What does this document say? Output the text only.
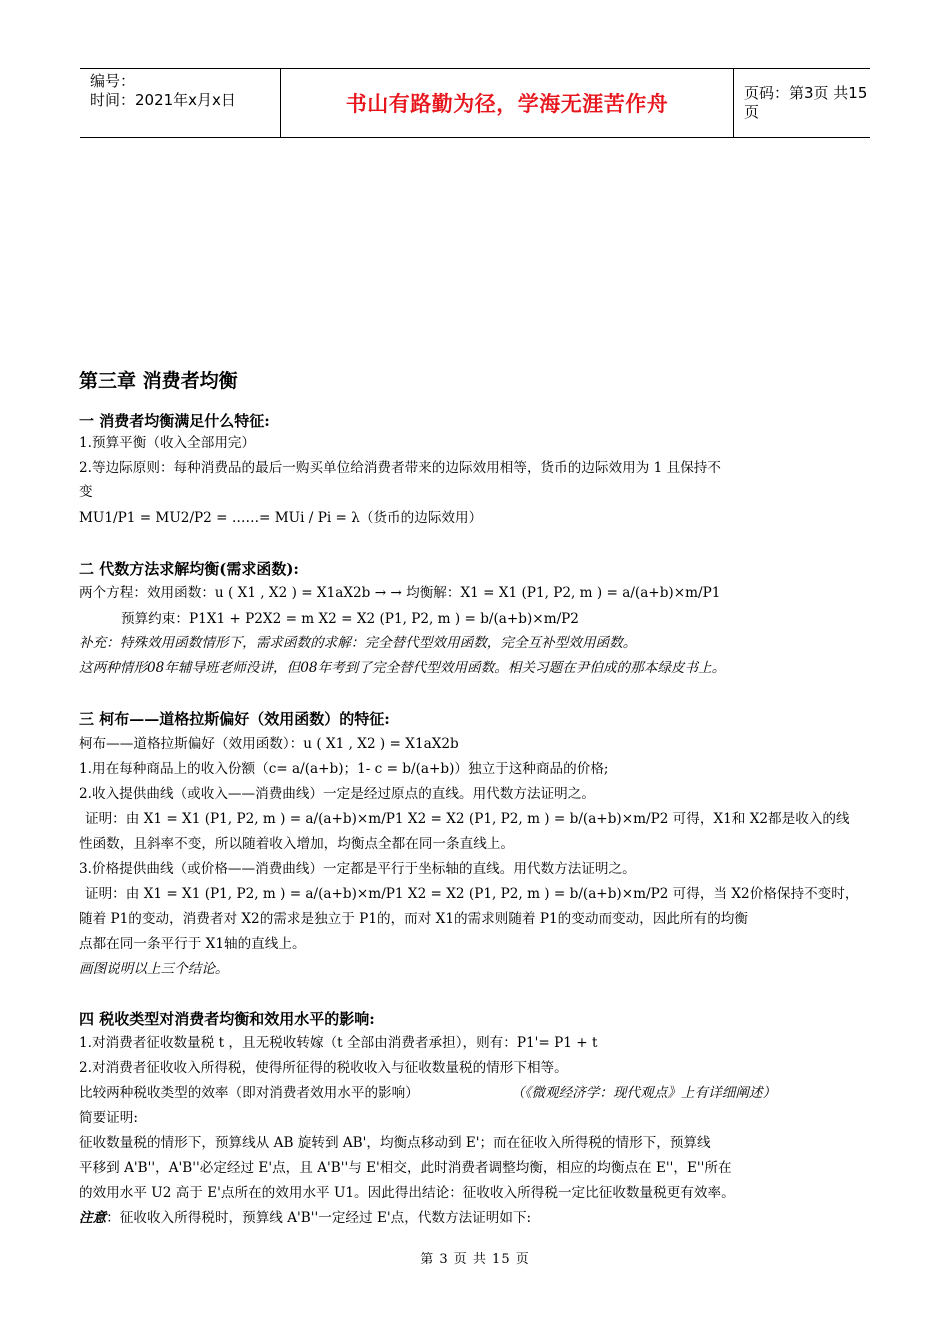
编号：
时间：2021年x月x日	书山有路勤为径，学海无涯苦作舟	页码：第3页 共15页
第三章 消费者均衡
一 消费者均衡满足什么特征:
1.预算平衡（收入全部用完）
2.等边际原则：每种消费品的最后一购买单位给消费者带来的边际效用相等，货币的边际效用为 1 且保持不
变
MU1/P1 = MU2/P2 = ……= MUi / Pi = λ（货币的边际效用）
二 代数方法求解均衡(需求函数):
两个方程：效用函数：u ( X1 , X2 ) = X1aX2b → → 均衡解：X1 = X1 (P1, P2, m ) = a/(a+b)×m/P1
预算约束：P1X1 + P2X2 = m X2 = X2 (P1, P2, m ) = b/(a+b)×m/P2
补充：特殊效用函数情形下，需求函数的求解：完全替代型效用函数，完全互补型效用函数。
这两种情形08年辅导班老师没讲，但08年考到了完全替代型效用函数。相关习题在尹伯成的那本绿皮书上。
三 柯布——道格拉斯偏好（效用函数）的特征:
柯布——道格拉斯偏好（效用函数）：u ( X1 , X2 ) = X1aX2b
1.用在每种商品上的收入份额（c= a/(a+b)；1- c = b/(a+b)）独立于这种商品的价格;
2.收入提供曲线（或收入——消费曲线）一定是经过原点的直线。用代数方法证明之。
证明：由 X1 = X1 (P1, P2, m ) = a/(a+b)×m/P1 X2 = X2 (P1, P2, m ) = b/(a+b)×m/P2 可得，X1和 X2都是收入的线
性函数，且斜率不变，所以随着收入增加，均衡点全都在同一条直线上。
3.价格提供曲线（或价格——消费曲线）一定都是平行于坐标轴的直线。用代数方法证明之。
证明：由 X1 = X1 (P1, P2, m ) = a/(a+b)×m/P1 X2 = X2 (P1, P2, m ) = b/(a+b)×m/P2 可得，当 X2价格保持不变时，
随着 P1的变动，消费者对 X2的需求是独立于 P1的，而对 X1的需求则随着 P1的变动而变动，因此所有的均衡
点都在同一条平行于 X1轴的直线上。
画图说明以上三个结论。
四 税收类型对消费者均衡和效用水平的影响:
1.对消费者征收数量税 t ，且无税收转嫁（t 全部由消费者承担），则有：P1'= P1 + t
2.对消费者征收收入所得税，使得所征得的税收收入与征收数量税的情形下相等。
比较两种税收类型的效率（即对消费者效用水平的影响）	（《微观经济学：现代观点》上有详细阐述）
简要证明:
征收数量税的情形下，预算线从 AB 旋转到 AB'，均衡点移动到 E'；而在征收入所得税的情形下，预算线
平移到 A'B''，A'B''必定经过 E'点，且 A'B''与 E'相交，此时消费者调整均衡，相应的均衡点在 E''，E''所在
的效用水平 U2 高于 E'点所在的效用水平 U1。因此得出结论：征收收入所得税一定比征收数量税更有效率。
注意：征收收入所得税时，预算线 A'B''一定经过 E'点，代数方法证明如下:
第 3 页 共 15 页
